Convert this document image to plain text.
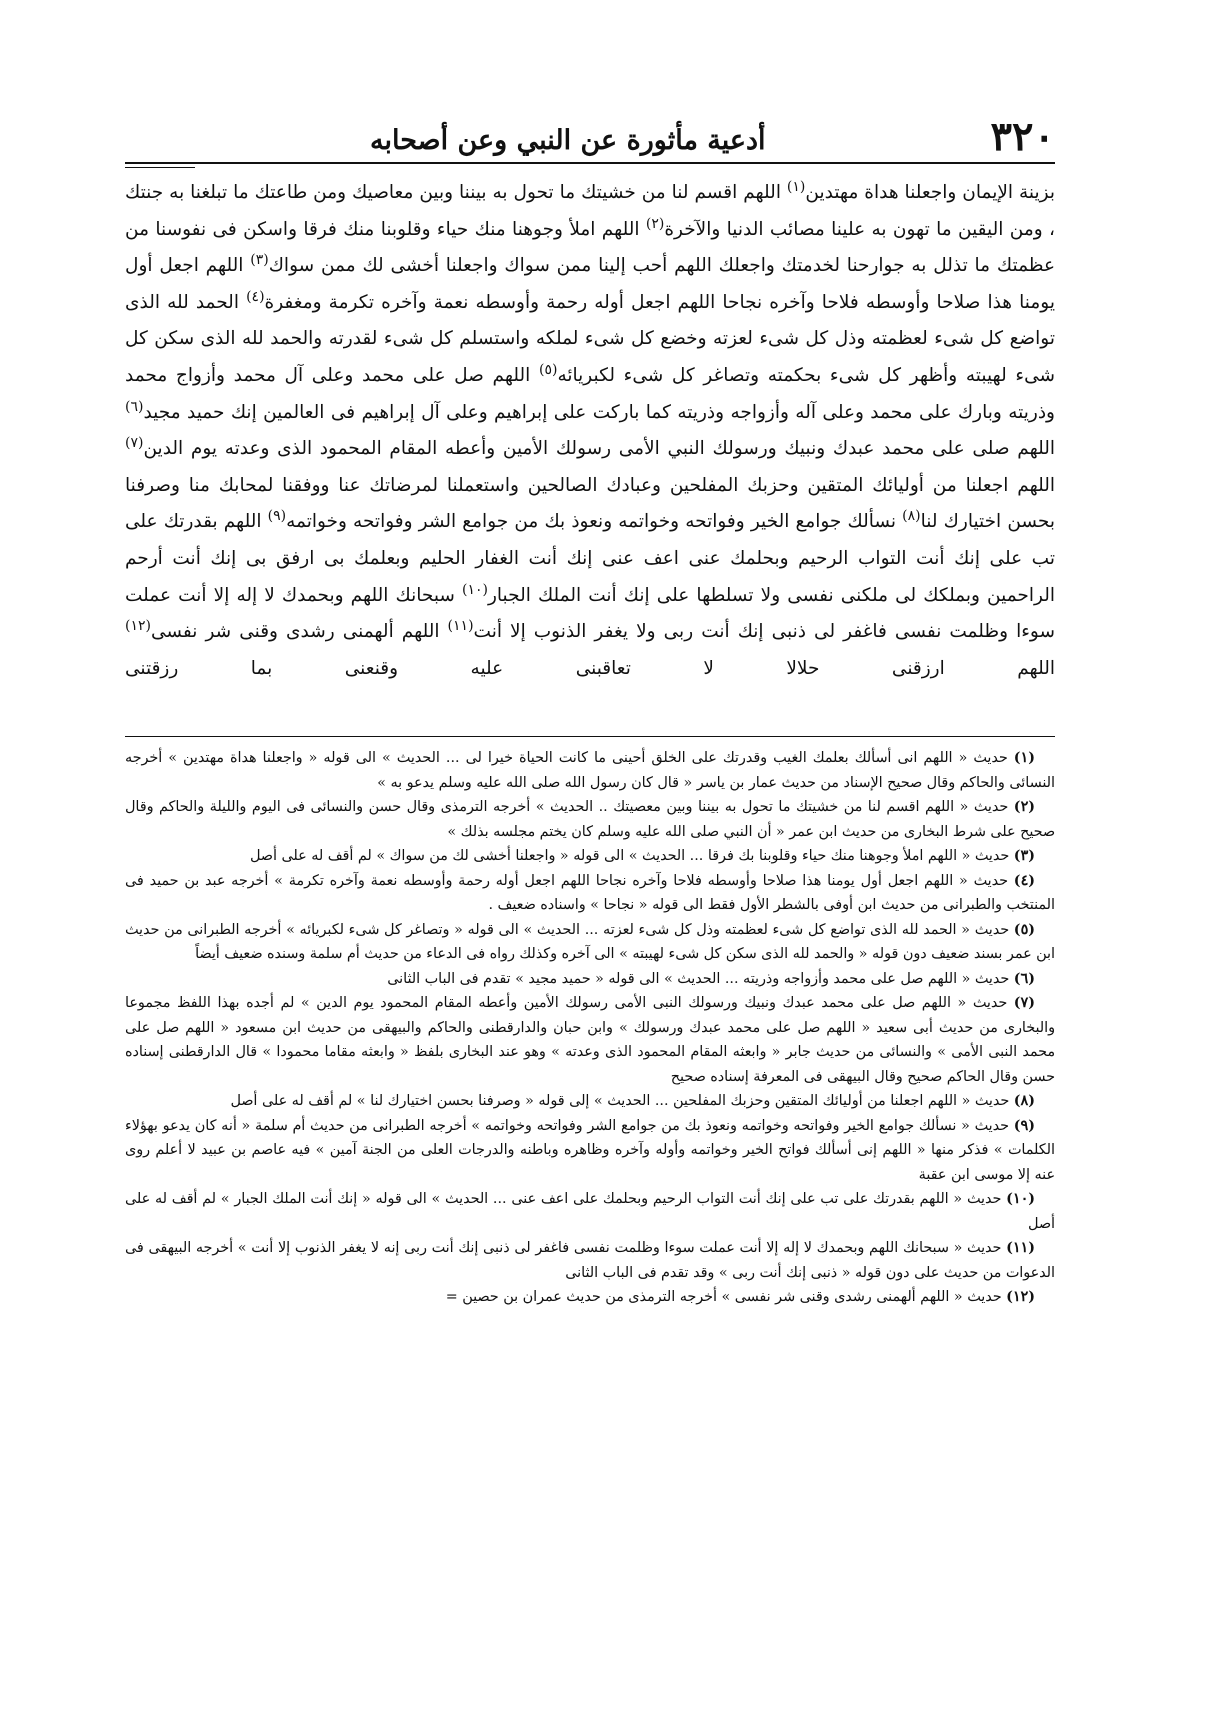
٣٢٠
أدعية مأثورة عن النبي وعن أصحابه
بزينة الإيمان واجعلنا هداة مهتدين$^{(١)}$ اللهم اقسم لنا من خشيتك ما تحول به بيننا وبين معاصيك ومن طاعتك ما تبلغنا به جنتك ، ومن اليقين ما تهون به علينا مصائب الدنيا والآخرة$^{(٢)}$ اللهم املأ وجوهنا منك حياء وقلوبنا منك فرقا واسكن فى نفوسنا من عظمتك ما تذلل به جوارحنا لخدمتك واجعلك اللهم أحب إلينا ممن سواك واجعلنا أخشى لك ممن سواك$^{(٣)}$ اللهم اجعل أول يومنا هذا صلاحا وأوسطه فلاحا وآخره نجاحا اللهم اجعل أوله رحمة وأوسطه نعمة وآخره تكرمة ومغفرة$^{(٤)}$ الحمد لله الذى تواضع كل شىء لعظمته وذل كل شىء لعزته وخضع كل شىء لملكه واستسلم كل شىء لقدرته والحمد لله الذى سكن كل شىء لهيبته وأظهر كل شىء بحكمته وتصاغر كل شىء لكبريائه$^{(٥)}$ اللهم صل على محمد وعلى آل محمد وأزواج محمد وذريته وبارك على محمد وعلى آله وأزواجه وذريته كما باركت على إبراهيم وعلى آل إبراهيم فى العالمين إنك حميد مجيد$^{(٦)}$ اللهم صلى على محمد عبدك ونبيك ورسولك النبي الأمى رسولك الأمين وأعطه المقام المحمود الذى وعدته يوم الدين$^{(٧)}$ اللهم اجعلنا من أوليائك المتقين وحزبك المفلحين وعبادك الصالحين واستعملنا لمرضاتك عنا ووفقنا لمحابك منا وصرفنا بحسن اختيارك لنا$^{(٨)}$ نسألك جوامع الخير وفواتحه وخواتمه ونعوذ بك من جوامع الشر وفواتحه وخواتمه$^{(٩)}$ اللهم بقدرتك على تب على إنك أنت التواب الرحيم وبحلمك عنى اعف عنى إنك أنت الغفار الحليم وبعلمك بى ارفق بى إنك أنت أرحم الراحمين وبملكك لى ملكنى نفسى ولا تسلطها على إنك أنت الملك الجبار$^{(١٠)}$ سبحانك اللهم وبحمدك لا إله إلا أنت عملت سوءا وظلمت نفسى فاغفر لى ذنبى إنك أنت ربى ولا يغفر الذنوب إلا أنت$^{(١١)}$ اللهم ألهمنى رشدى وقنى شر نفسى$^{(١٢)}$ اللهم ارزقنى حلالا لا تعاقبنى عليه وقنعنى بما رزقتنى

(١) حديث « اللهم انى أسألك بعلمك الغيب وقدرتك على الخلق أحينى ما كانت الحياة خيرا لى ... الحديث » الى قوله « واجعلنا هداة مهتدين » أخرجه النسائى والحاكم وقال صحيح الإسناد من حديث عمار بن ياسر « قال كان رسول الله صلى الله عليه وسلم يدعو به »

(٢) حديث « اللهم اقسم لنا من خشيتك ما تحول به بيننا وبين معصيتك .. الحديث » أخرجه الترمذى وقال حسن والنسائى فى اليوم والليلة والحاكم وقال صحيح على شرط البخارى من حديث ابن عمر « أن النبي صلى الله عليه وسلم كان يختم مجلسه بذلك »

(٣) حديث « اللهم املأ وجوهنا منك حياء وقلوبنا بك فرقا ... الحديث » الى قوله « واجعلنا أخشى لك من سواك » لم أقف له على أصل

(٤) حديث « اللهم اجعل أول يومنا هذا صلاحا وأوسطه فلاحا وآخره نجاحا اللهم اجعل أوله رحمة وأوسطه نعمة وآخره تكرمة » أخرجه عبد بن حميد فى المنتخب والطبرانى من حديث ابن أوفى بالشطر الأول فقط الى قوله « نجاحا » واسناده ضعيف .

(٥) حديث « الحمد لله الذى تواضع كل شىء لعظمته وذل كل شىء لعزته ... الحديث » الى قوله « وتصاغر كل شىء لكبريائه » أخرجه الطبرانى من حديث ابن عمر بسند ضعيف دون قوله « والحمد لله الذى سكن كل شىء لهيبته » الى آخره وكذلك رواه فى الدعاء من حديث أم سلمة وسنده ضعيف أيضاً

(٦) حديث « اللهم صل على محمد وأزواجه وذريته ... الحديث » الى قوله « حميد مجيد » تقدم فى الباب الثانى

(٧) حديث « اللهم صل على محمد عبدك ونبيك ورسولك النبى الأمى رسولك الأمين وأعطه المقام المحمود يوم الدين » لم أجده بهذا اللفظ مجموعا والبخارى من حديث أبى سعيد « اللهم صل على محمد عبدك ورسولك » وابن حبان والدارقطنى والحاكم والبيهقى من حديث ابن مسعود « اللهم صل على محمد النبى الأمى » والنسائى من حديث جابر « وابعثه المقام المحمود الذى وعدته » وهو عند البخارى بلفظ « وابعثه مقاما محمودا » قال الدارقطنى إسناده حسن وقال الحاكم صحيح وقال البيهقى فى المعرفة إسناده صحيح

(٨) حديث « اللهم اجعلنا من أوليائك المتقين وحزبك المفلحين ... الحديث » إلى قوله « وصرفنا بحسن اختيارك لنا » لم أقف له على أصل

(٩) حديث « نسألك جوامع الخير وفواتحه وخواتمه ونعوذ بك من جوامع الشر وفواتحه وخواتمه » أخرجه الطبرانى من حديث أم سلمة « أنه كان يدعو بهؤلاء الكلمات » فذكر منها « اللهم إنى أسألك فواتح الخير وخواتمه وأوله وآخره وظاهره وباطنه والدرجات العلى من الجنة آمين » فيه عاصم بن عبيد لا أعلم روى عنه إلا موسى ابن عقبة

(١٠) حديث « اللهم بقدرتك على تب على إنك أنت التواب الرحيم وبحلمك على اعف عنى ... الحديث » الى قوله « إنك أنت الملك الجبار » لم أقف له على أصل

(١١) حديث « سبحانك اللهم وبحمدك لا إله إلا أنت عملت سوءا وظلمت نفسى فاغفر لى ذنبى إنك أنت ربى إنه لا يغفر الذنوب إلا أنت » أخرجه البيهقى فى الدعوات من حديث على دون قوله « ذنبى إنك أنت ربى » وقد تقدم فى الباب الثانى

(١٢) حديث « اللهم ألهمنى رشدى وقنى شر نفسى » أخرجه الترمذى من حديث عمران بن حصين =
